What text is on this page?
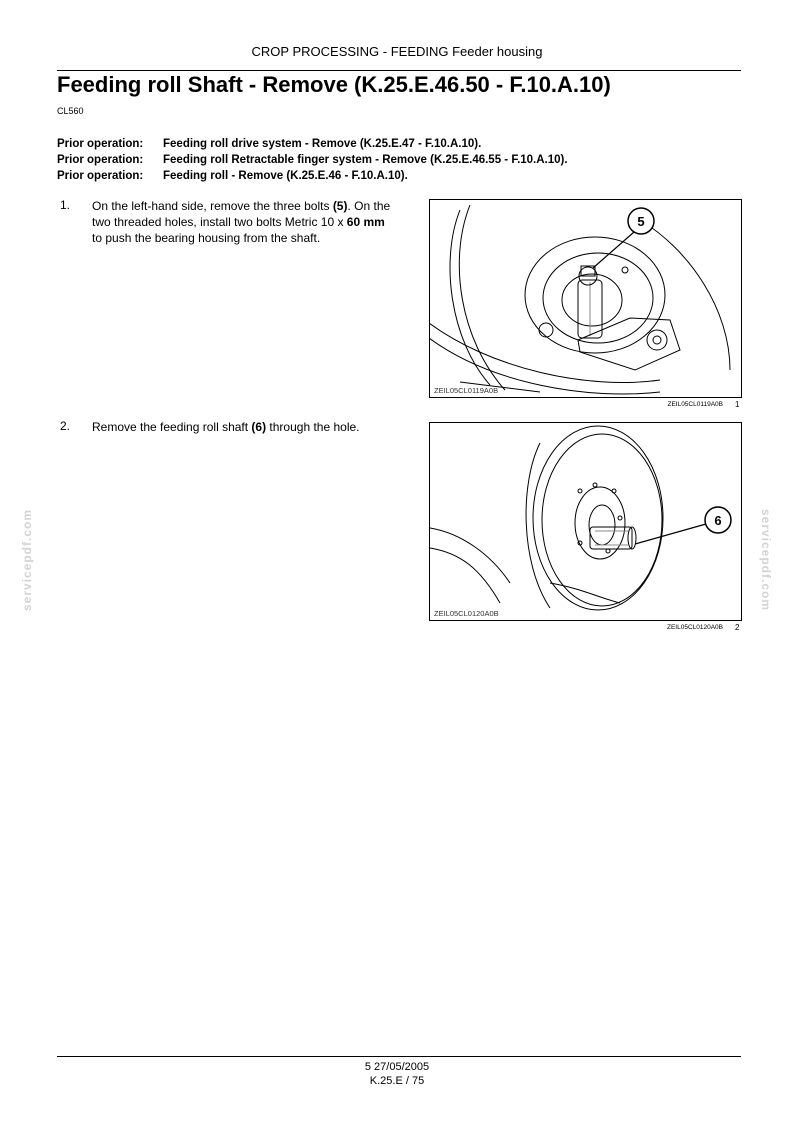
CROP PROCESSING - FEEDING Feeder housing
Feeding roll Shaft - Remove (K.25.E.46.50 - F.10.A.10)
CL560
Prior operation: Feeding roll drive system - Remove (K.25.E.47 - F.10.A.10).
Prior operation: Feeding roll Retractable finger system - Remove (K.25.E.46.55 - F.10.A.10).
Prior operation: Feeding roll - Remove (K.25.E.46 - F.10.A.10).
1. On the left-hand side, remove the three bolts (5). On the two threaded holes, install two bolts Metric 10 x 60 mm to push the bearing housing from the shaft.
5
ZEIL05CL0119A0B
ZEIL05CL0119A0B 1
2. Remove the feeding roll shaft (6) through the hole.
6
ZEIL05CL0120A0B
ZEIL05CL0120A0B 2
servicepdf.com	servicepdf.com
5 27/05/2005
K.25.E / 75
